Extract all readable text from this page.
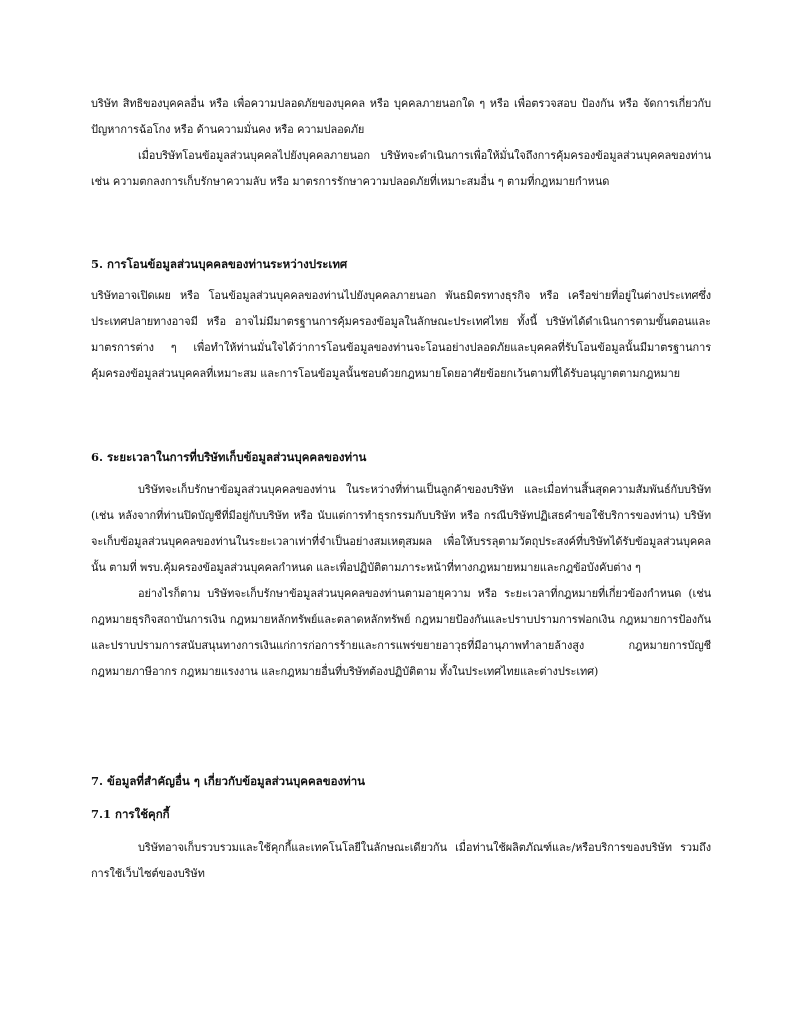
บริษัท สิทธิของบุคคลอื่น หรือ เพื่อความปลอดภัยของบุคคล หรือ บุคคลภายนอกใด ๆ หรือ เพื่อตรวจสอบ ป้องกัน หรือ จัดการเกี่ยวกับปัญหาการฉ้อโกง หรือ ด้านความมั่นคง หรือ ความปลอดภัย

เมื่อบริษัทโอนข้อมูลส่วนบุคคลไปยังบุคคลภายนอก บริษัทจะดำเนินการเพื่อให้มั่นใจถึงการคุ้มครองข้อมูลส่วนบุคคลของท่าน เช่น ความตกลงการเก็บรักษาความลับ หรือ มาตรการรักษาความปลอดภัยที่เหมาะสมอื่น ๆ ตามที่กฎหมายกำหนด

5. การโอนข้อมูลส่วนบุคคลของท่านระหว่างประเทศ

บริษัทอาจเปิดเผย หรือ โอนข้อมูลส่วนบุคคลของท่านไปยังบุคคลภายนอก พันธมิตรทางธุรกิจ หรือ เครือข่ายที่อยู่ในต่างประเทศซึ่งประเทศปลายทางอาจมี หรือ อาจไม่มีมาตรฐานการคุ้มครองข้อมูลในลักษณะประเทศไทย ทั้งนี้ บริษัทได้ดำเนินการตามขั้นตอนและมาตรการต่าง ๆ เพื่อทำให้ท่านมั่นใจได้ว่าการโอนข้อมูลของท่านจะโอนอย่างปลอดภัยและบุคคลที่รับโอนข้อมูลนั้นมีมาตรฐานการคุ้มครองข้อมูลส่วนบุคคลที่เหมาะสม และการโอนข้อมูลนั้นชอบด้วยกฎหมายโดยอาศัยข้อยกเว้นตามที่ได้รับอนุญาตตามกฎหมาย

6. ระยะเวลาในการที่บริษัทเก็บข้อมูลส่วนบุคคลของท่าน

บริษัทจะเก็บรักษาข้อมูลส่วนบุคคลของท่าน ในระหว่างที่ท่านเป็นลูกค้าของบริษัท และเมื่อท่านสิ้นสุดความสัมพันธ์กับบริษัท (เช่น หลังจากที่ท่านปิดบัญชีที่มีอยู่กับบริษัท หรือ นับแต่การทำธุรกรรมกับบริษัท หรือ กรณีบริษัทปฏิเสธคำขอใช้บริการของท่าน) บริษัทจะเก็บข้อมูลส่วนบุคคลของท่านในระยะเวลาเท่าที่จำเป็นอย่างสมเหตุสมผล เพื่อให้บรรลุตามวัตถุประสงค์ที่บริษัทได้รับข้อมูลส่วนบุคคลนั้น ตามที่ พรบ.คุ้มครองข้อมูลส่วนบุคคลกำหนด และเพื่อปฏิบัติตามภาระหน้าที่ทางกฎหมายหมายและกฎข้อบังคับต่าง ๆ

อย่างไรก็ตาม บริษัทจะเก็บรักษาข้อมูลส่วนบุคคลของท่านตามอายุความ หรือ ระยะเวลาที่กฎหมายที่เกี่ยวข้องกำหนด (เช่น กฎหมายธุรกิจสถาบันการเงิน กฎหมายหลักทรัพย์และตลาดหลักทรัพย์ กฎหมายป้องกันและปราบปรามการฟอกเงิน กฎหมายการป้องกันและปราบปรามการสนับสนุนทางการเงินแก่การก่อการร้ายและการแพร่ขยายอาวุธที่มีอานุภาพทำลายล้างสูง กฎหมายการบัญชี กฎหมายภาษีอากร กฎหมายแรงงาน และกฎหมายอื่นที่บริษัทต้องปฏิบัติตาม ทั้งในประเทศไทยและต่างประเทศ)

7. ข้อมูลที่สำคัญอื่น ๆ เกี่ยวกับข้อมูลส่วนบุคคลของท่าน
7.1 การใช้คุกกี้

บริษัทอาจเก็บรวบรวมและใช้คุกกี้และเทคโนโลยีในลักษณะเดียวกัน เมื่อท่านใช้ผลิตภัณฑ์และ/หรือบริการของบริษัท รวมถึงการใช้เว็บไซต์ของบริษัท
